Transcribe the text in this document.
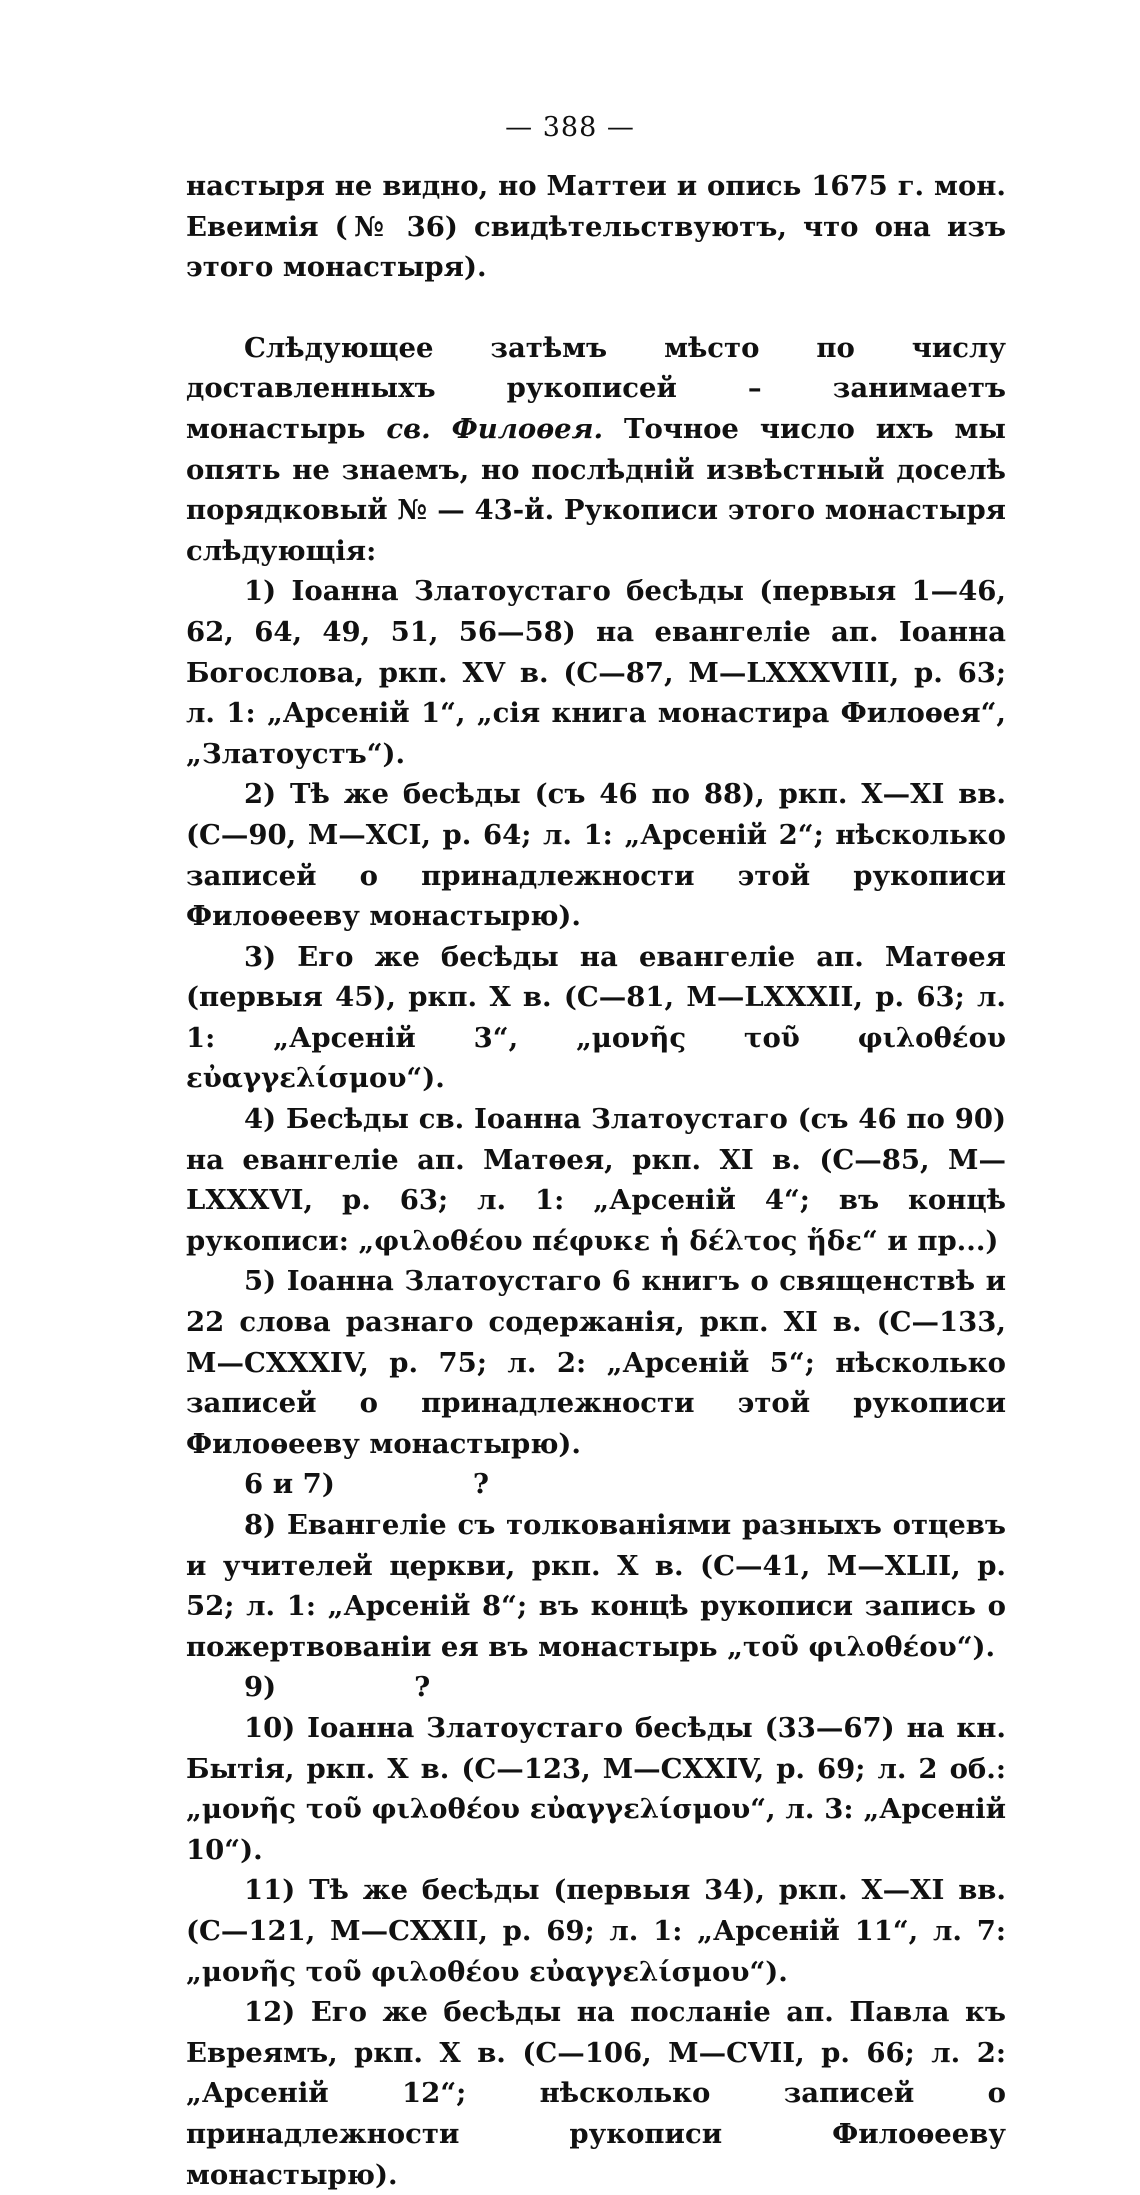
— 388 —

настыря не видно, но Маттеи и опись 1675 г. мон. Евеимія (№ 36) свидѣтельствуютъ, что она изъ этого монастыря).

Слѣдующее затѣмъ мѣсто по числу доставленныхъ рукописей – занимаетъ монастырь св. Филоѳея. Точное число ихъ мы опять не знаемъ, но послѣдній извѣстный доселѣ порядковый № — 43-й. Рукописи этого монастыря слѣдующія:

1) Іоанна Златоустаго бесѣды (первыя 1—46, 62, 64, 49, 51, 56—58) на евангеліе ап. Іоанна Богослова, ркп. XV в. (С—87, М—LXXXVIII, p. 63; л. 1: „Арсеній 1“, „сія книга монастира Филоѳея“, „Златоустъ“).

2) Тѣ же бесѣды (съ 46 по 88), ркп. X—XI вв. (С—90, М—XCI, p. 64; л. 1: „Арсеній 2“; нѣсколько записей о принадлежности этой рукописи Филоѳееву монастырю).

3) Его же бесѣды на евангеліе ап. Матѳея (первыя 45), ркп. X в. (С—81, М—LXXXII, p. 63; л. 1: „Арсеній 3“, „μονῆς τοῦ φιλοθέου εὐαγγελίσμου“).

4) Бесѣды св. Іоанна Златоустаго (съ 46 по 90) на евангеліе ап. Матѳея, ркп. XI в. (С—85, М—LXXXVI, p. 63; л. 1: „Арсеній 4“; въ концѣ рукописи: „φιλοθέου πέφυκε ἡ δέλτος ἥδε“ и пр...)

5) Іоанна Златоустаго 6 книгъ о священствѣ и 22 слова разнаго содержанія, ркп. XI в. (С—133, М—CXXXIV, p. 75; л. 2: „Арсеній 5“; нѣсколько записей о принадлежности этой рукописи Филоѳееву монастырю).

6 и 7)	?

8) Евангеліе съ толкованіями разныхъ отцевъ и учителей церкви, ркп. X в. (С—41, М—XLII, p. 52; л. 1: „Арсеній 8“; въ концѣ рукописи запись о пожертвованіи ея въ монастырь „τοῦ φιλοθέου“).

9)	?

10) Іоанна Златоустаго бесѣды (33—67) на кн. Бытія, ркп. X в. (С—123, М—CXXIV, p. 69; л. 2 об.: „μονῆς τοῦ φιλοθέου εὐαγγελίσμου“, л. 3: „Арсеній 10“).

11) Тѣ же бесѣды (первыя 34), ркп. X—XI вв. (С—121, М—CXXII, p. 69; л. 1: „Арсеній 11“, л. 7: „μονῆς τοῦ φιλοθέου εὐαγγελίσμου“).

12) Его же бесѣды на посланіе ап. Павла къ Евреямъ, ркп. X в. (С—106, М—CVII, p. 66; л. 2: „Арсеній 12“; нѣсколько записей о принадлежности рукописи Филоѳееву монастырю).
